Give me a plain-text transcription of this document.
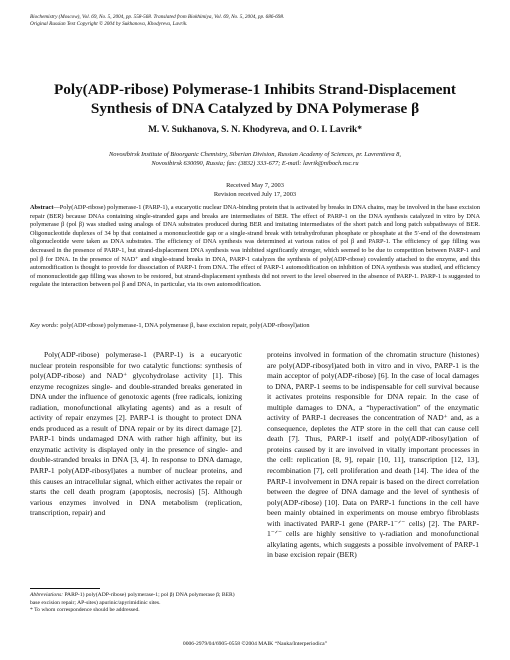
Biochemistry (Moscow), Vol. 69, No. 5, 2004, pp. 558-568. Translated from Biokhimiya, Vol. 69, No. 5, 2004, pp. 686-698.
Original Russian Text Copyright © 2004 by Sukhanova, Khodyreva, Lavrik.
Poly(ADP-ribose) Polymerase-1 Inhibits Strand-Displacement
Synthesis of DNA Catalyzed by DNA Polymerase β
M. V. Sukhanova, S. N. Khodyreva, and O. I. Lavrik*
Novosibirsk Institute of Bioorganic Chemistry, Siberian Division, Russian Academy of Sciences, pr. Lavrentieva 8,
Novosibirsk 630090, Russia; fax: (3832) 333-677; E-mail: lavrik@niboch.nsc.ru
Received May 7, 2003
Revision received July 17, 2003
Abstract—Poly(ADP-ribose) polymerase-1 (PARP-1), a eucaryotic nuclear DNA-binding protein that is activated by breaks in DNA chains, may be involved in the base excision repair (BER) because DNAs containing single-stranded gaps and breaks are intermediates of BER. The effect of PARP-1 on the DNA synthesis catalyzed in vitro by DNA polymerase β (pol β) was studied using analogs of DNA substrates produced during BER and imitating intermediates of the short patch and long patch subpathways of BER. Oligonucleotide duplexes of 34 bp that contained a mononucleotide gap or a single-strand break with tetrahydrofuran phosphate or phosphate at the 5′-end of the downstream oligonucleotide were taken as DNA substrates. The efficiency of DNA synthesis was determined at various ratios of pol β and PARP-1. The efficiency of gap filling was decreased in the presence of PARP-1, but strand-displacement DNA synthesis was inhibited significantly stronger, which seemed to be due to competition between PARP-1 and pol β for DNA. In the presence of NAD⁺ and single-strand breaks in DNA, PARP-1 catalyzes the synthesis of poly(ADP-ribose) covalently attached to the enzyme, and this automodification is thought to provide for dissociation of PARP-1 from DNA. The effect of PARP-1 automodification on inhibition of DNA synthesis was studied, and efficiency of mononucleotide gap filling was shown to be restored, but strand-displacement synthesis did not revert to the level observed in the absence of PARP-1. PARP-1 is suggested to regulate the interaction between pol β and DNA, in particular, via its own automodification.
Key words: poly(ADP-ribose) polymerase-1, DNA polymerase β, base excision repair, poly(ADP-ribosyl)ation

Poly(ADP-ribose) polymerase-1 (PARP-1) is a eucaryotic nuclear protein responsible for two catalytic functions: synthesis of poly(ADP-ribose) and NAD⁺ glycohydrolase activity [1]. This enzyme recognizes single- and double-stranded breaks generated in DNA under the influence of genotoxic agents (free radicals, ionizing radiation, monofunctional alkylating agents) and as a result of activity of repair enzymes [2]. PARP-1 is thought to protect DNA ends produced as a result of DNA repair or by its direct damage [2]. PARP-1 binds undamaged DNA with rather high affinity, but its enzymatic activity is displayed only in the presence of single- and double-stranded breaks in DNA [3, 4]. In response to DNA damage, PARP-1 poly(ADP-ribosyl)ates a number of nuclear proteins, and this causes an intracellular signal, which either activates the repair or starts the cell death program (apoptosis, necrosis) [5]. Although various enzymes involved in DNA metabolism (replication, transcription, repair) and

proteins involved in formation of the chromatin structure (histones) are poly(ADP-ribosyl)ated both in vitro and in vivo, PARP-1 is the main acceptor of poly(ADP-ribose) [6]. In the case of local damages to DNA, PARP-1 seems to be indispensable for cell survival because it activates proteins responsible for DNA repair. In the case of multiple damages to DNA, a “hyperactivation” of the enzymatic activity of PARP-1 decreases the concentration of NAD⁺ and, as a consequence, depletes the ATP store in the cell that can cause cell death [7]. Thus, PARP-1 itself and poly(ADP-ribosyl)ation of proteins caused by it are involved in vitally important processes in the cell: replication [8, 9], repair [10, 11], transcription [12, 13], recombination [7], cell proliferation and death [14]. The idea of the PARP-1 involvement in DNA repair is based on the direct correlation between the degree of DNA damage and the level of synthesis of poly(ADP-ribose) [10]. Data on PARP-1 functions in the cell have been mainly obtained in experiments on mouse embryo fibroblasts with inactivated PARP-1 gene (PARP-1⁻ᐟ⁻ cells) [2]. The PARP-1⁻ᐟ⁻ cells are highly sensitive to γ-radiation and monofunctional alkylating agents, which suggests a possible involvement of PARP-1 in base excision repair (BER)

Abbreviations: PARP-1) poly(ADP-ribose) polymerase-1; pol β) DNA polymerase β; BER) base excision repair; AP-sites) apurinic/apyrimidinic sites.
* To whom correspondence should be addressed.
0006-2979/04/6905-0558 ©2004 MAIK “Nauka/Interperiodica”
